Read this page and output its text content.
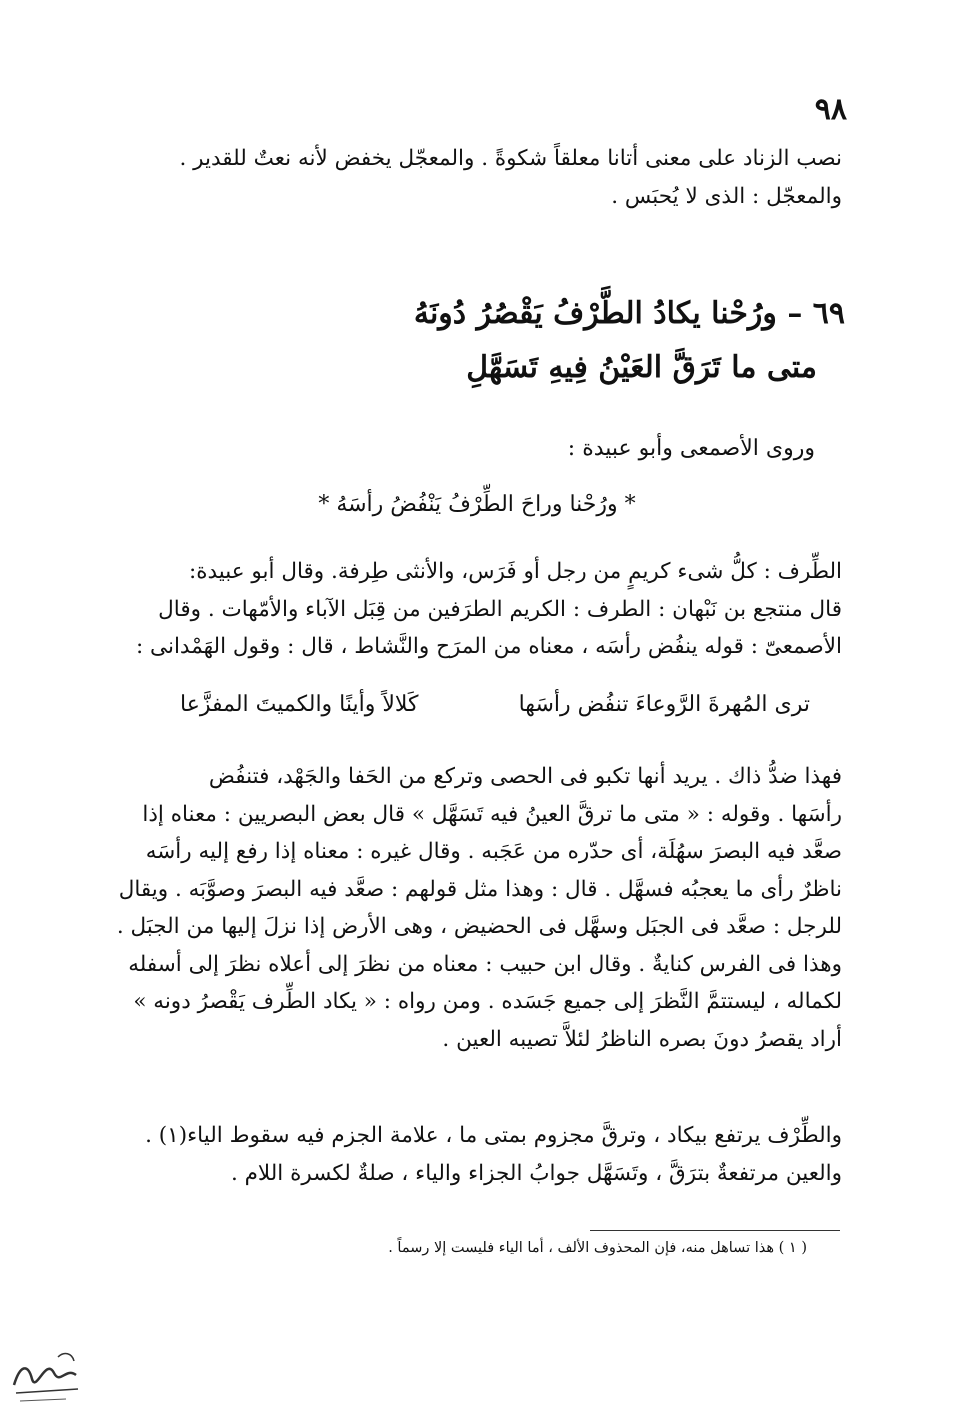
٩٨

نصب الزناد على معنى أتانا معلقاً شكوةً . والمعجّل يخفض لأنه نعتٌ للقدير .

والمعجّل : الذى لا يُحبَس .

٦٩ – ورُحْنا يكادُ الطَّرْفُ يَقْصُرُ دُونَهُ
متى ما تَرَقَّ العَيْنُ فِيهِ تَسَهَّلِ
وروى الأصمعى وأبو عبيدة :
* ورُحْنا وراحَ الطِّرْفُ يَنْفُضُ رأسَهُ *

الطِّرف : كلُّ شىء كريمٍ من رجل أو فَرَس، والأنثى طِرفة. وقال أبو عبيدة:

قال منتجع بن نَبْهان : الطرف : الكريم الطرَفين من قِبَل الآباء والأمّهات . وقال

الأصمعىّ : قوله ينفُض رأسَه ، معناه من المرَح والنَّشاط ، قال : وقول الهَمْدانى :

ترى المُهرةَ الرَّوعاءَ تنفُض رأسَها
كَلالاً وأينًا والكميتَ المفزَّعا

فهذا ضدُّ ذاك . يريد أنها تكبو فى الحصى وتركع من الحَفا والجَهْد، فتنفُض

رأسَها . وقوله : « متى ما ترقَّ العينُ فيه تَسَهَّل » قال بعض البصريين : معناه إذا

صعَّد فيه البصرَ سهُلَة، أى حدّره من عَجَبه . وقال غيره : معناه إذا رفع إليه رأسَه

ناظرٌ رأى ما يعجبُه فسهَّل . قال : وهذا مثل قولهم : صعَّد فيه البصرَ وصوَّبَه . ويقال

للرجل : صعَّد فى الجبَل وسهَّل فى الحضيض ، وهى الأرض إذا نزلَ إليها من الجبَل .

وهذا فى الفرس كنايةٌ . وقال ابن حبيب : معناه من نظرَ إلى أعلاه نظرَ إلى أسفله

لكماله ، ليستتمَّ النَّظرَ إلى جميع جَسَده . ومن رواه : « يكاد الطِّرف يَقْصرُ دونه »

أراد يقصرُ دونَ بصره الناظرُ لئلاَّ تصيبه العين .

والطِّرْف يرتفع بيكاد ، وترقَّ مجزوم بمتى ما ، علامة الجزم فيه سقوط الياء(١) .

والعين مرتفعةٌ بترَقَّ ، وتَسَهَّل جوابُ الجزاء والياء ، صلةٌ لكسرة اللام .

( ١ ) هذا تساهل منه، فإن المحذوف الألف ، أما الياء فليست إلا رسماً .
